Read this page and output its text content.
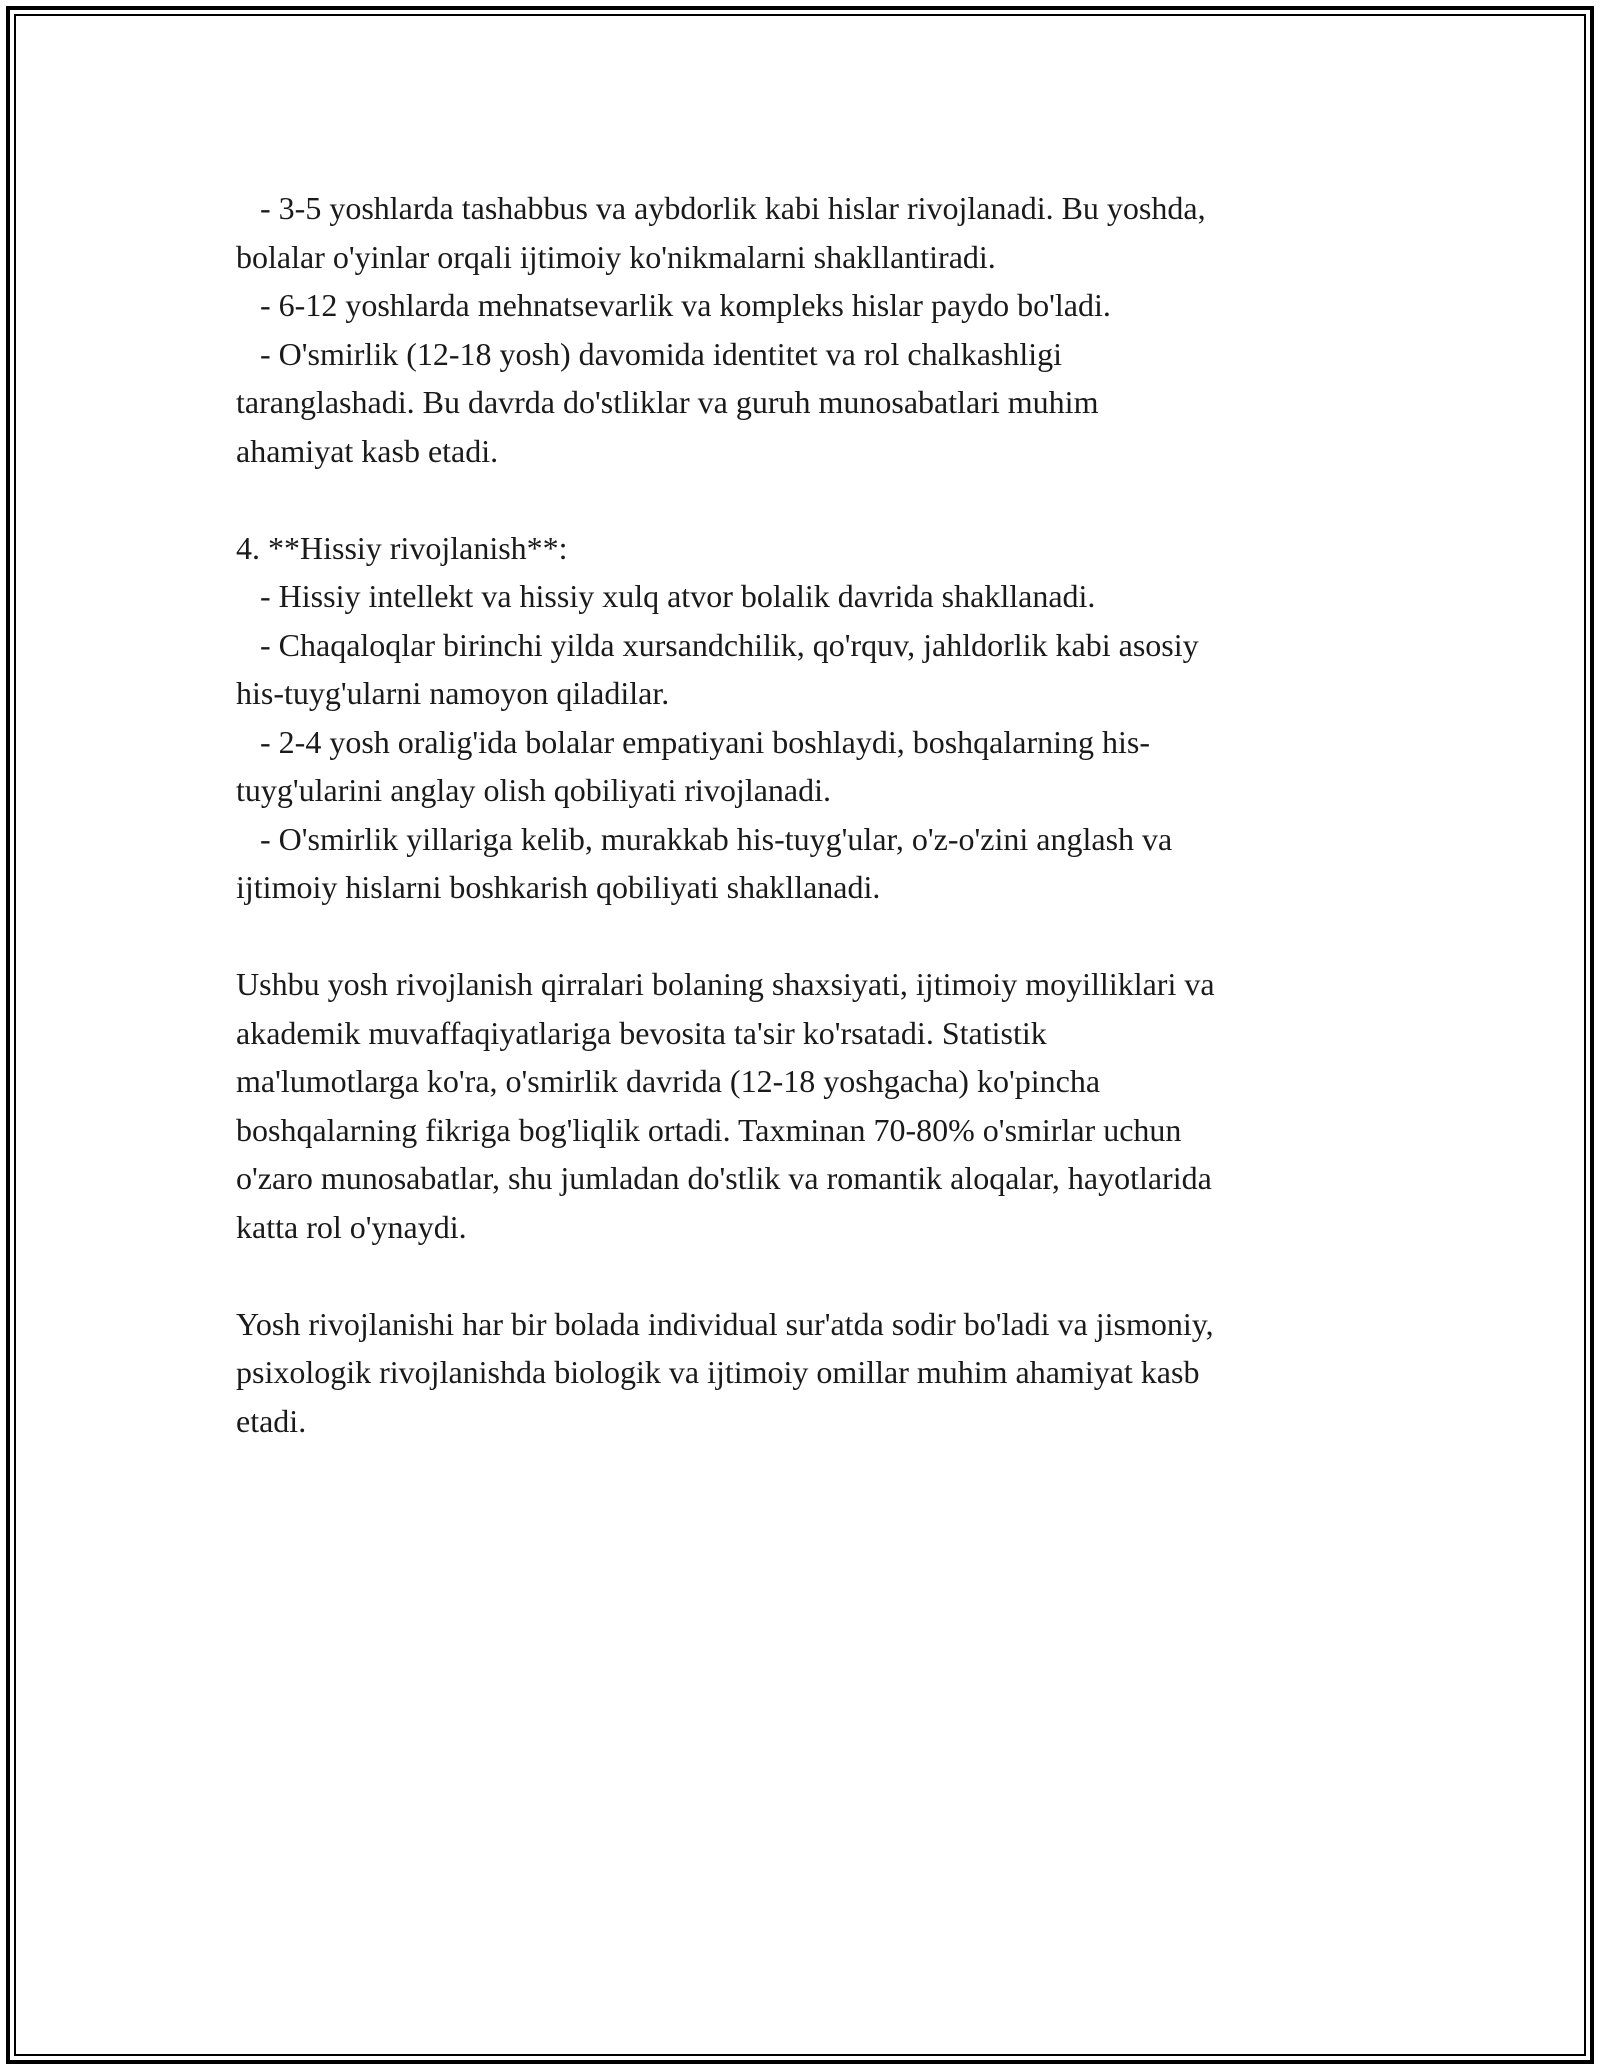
- 3-5 yoshlarda tashabbus va aybdorlik kabi hislar rivojlanadi. Bu yoshda,
bolalar o'yinlar orqali ijtimoiy ko'nikmalarni shakllantiradi.
- 6-12 yoshlarda mehnatsevarlik va kompleks hislar paydo bo'ladi.
- O'smirlik (12-18 yosh) davomida identitet va rol chalkashligi
taranglashadi. Bu davrda do'stliklar va guruh munosabatlari muhim
ahamiyat kasb etadi.
4. **Hissiy rivojlanish**:
- Hissiy intellekt va hissiy xulq atvor bolalik davrida shakllanadi.
- Chaqaloqlar birinchi yilda xursandchilik, qo'rquv, jahldorlik kabi asosiy
his-tuyg'ularni namoyon qiladilar.
- 2-4 yosh oralig'ida bolalar empatiyani boshlaydi, boshqalarning his-
tuyg'ularini anglay olish qobiliyati rivojlanadi.
- O'smirlik yillariga kelib, murakkab his-tuyg'ular, o'z-o'zini anglash va
ijtimoiy hislarni boshkarish qobiliyati shakllanadi.
Ushbu yosh rivojlanish qirralari bolaning shaxsiyati, ijtimoiy moyilliklari va
akademik muvaffaqiyatlariga bevosita ta'sir ko'rsatadi. Statistik
ma'lumotlarga ko'ra, o'smirlik davrida (12-18 yoshgacha) ko'pincha
boshqalarning fikriga bog'liqlik ortadi. Taxminan 70-80% o'smirlar uchun
o'zaro munosabatlar, shu jumladan do'stlik va romantik aloqalar, hayotlarida
katta rol o'ynaydi.
Yosh rivojlanishi har bir bolada individual sur'atda sodir bo'ladi va jismoniy,
psixologik rivojlanishda biologik va ijtimoiy omillar muhim ahamiyat kasb
etadi.
